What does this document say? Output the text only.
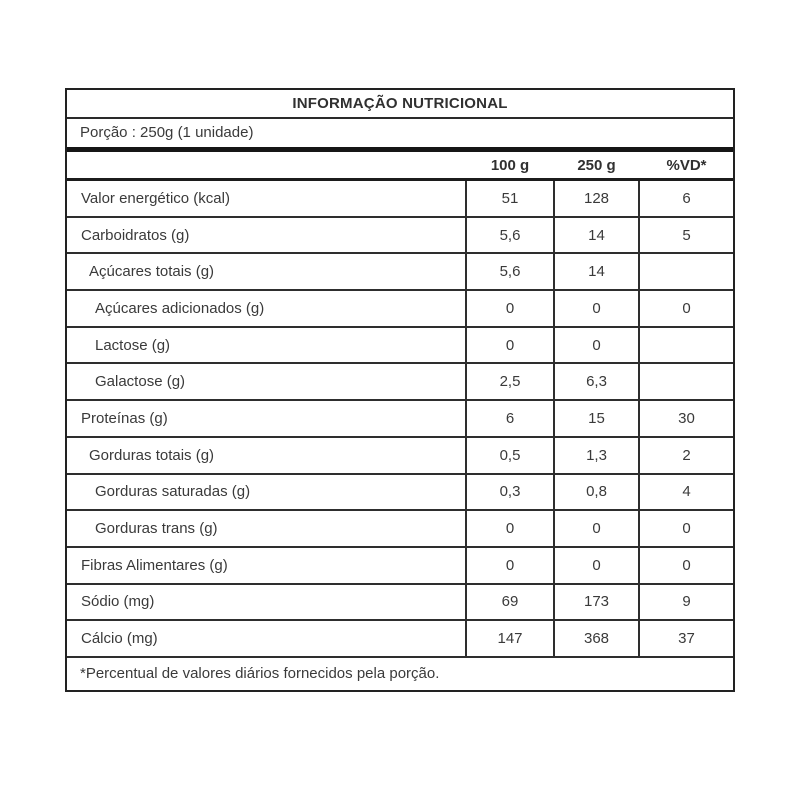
INFORMAÇÃO NUTRICIONAL
Porção : 250g (1 unidade)
100 g	250 g	%VD*
Valor energético (kcal)	51	128	6
Carboidratos (g)	5,6	14	5
Açúcares totais (g)	5,6	14
Açúcares adicionados (g)	0	0	0
Lactose (g)	0	0
Galactose (g)	2,5	6,3
Proteínas (g)	6	15	30
Gorduras totais (g)	0,5	1,3	2
Gorduras saturadas (g)	0,3	0,8	4
Gorduras trans (g)	0	0	0
Fibras Alimentares (g)	0	0	0
Sódio (mg)	69	173	9
Cálcio (mg)	147	368	37
*Percentual de valores diários fornecidos pela porção.
